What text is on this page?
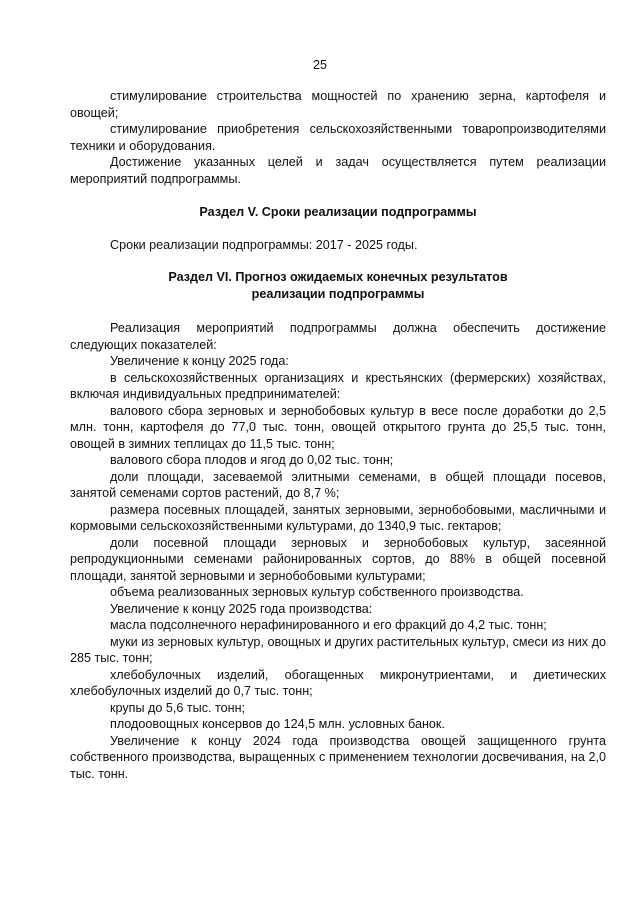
25

стимулирование строительства мощностей по хранению зерна, картофеля и овощей;

стимулирование приобретения сельскохозяйственными товаропроизводителями техники и оборудования.

Достижение указанных целей и задач осуществляется путем реализации мероприятий подпрограммы.

Раздел V. Сроки реализации подпрограммы

Сроки реализации подпрограммы: 2017 - 2025 годы.

Раздел VI. Прогноз ожидаемых конечных результатов
реализации подпрограммы

Реализация мероприятий подпрограммы должна обеспечить достижение следующих показателей:

Увеличение к концу 2025 года:

в сельскохозяйственных организациях и крестьянских (фермерских) хозяйствах, включая индивидуальных предпринимателей:

валового сбора зерновых и зернобобовых культур в весе после доработки до 2,5 млн. тонн, картофеля до 77,0 тыс. тонн, овощей открытого грунта до 25,5 тыс. тонн, овощей в зимних теплицах до 11,5 тыс. тонн;

валового сбора плодов и ягод до 0,02 тыс. тонн;

доли площади, засеваемой элитными семенами, в общей площади посевов, занятой семенами сортов растений, до 8,7 %;

размера посевных площадей, занятых зерновыми, зернобобовыми, масличными и кормовыми сельскохозяйственными культурами, до 1340,9 тыс. гектаров;

доли посевной площади зерновых и зернобобовых культур, засеянной репродукционными семенами районированных сортов, до 88% в общей посевной площади, занятой зерновыми и зернобобовыми культурами;

объема реализованных зерновых культур собственного производства.

Увеличение к концу 2025 года производства:

масла подсолнечного нерафинированного и его фракций до 4,2 тыс. тонн;

муки из зерновых культур, овощных и других растительных культур, смеси из них до 285 тыс. тонн;

хлебобулочных изделий, обогащенных микронутриентами, и диетических хлебобулочных изделий до 0,7 тыс. тонн;

крупы до 5,6 тыс. тонн;

плодоовощных консервов до 124,5 млн. условных банок.

Увеличение к концу 2024 года производства овощей защищенного грунта собственного производства, выращенных с применением технологии досвечивания, на 2,0 тыс. тонн.
